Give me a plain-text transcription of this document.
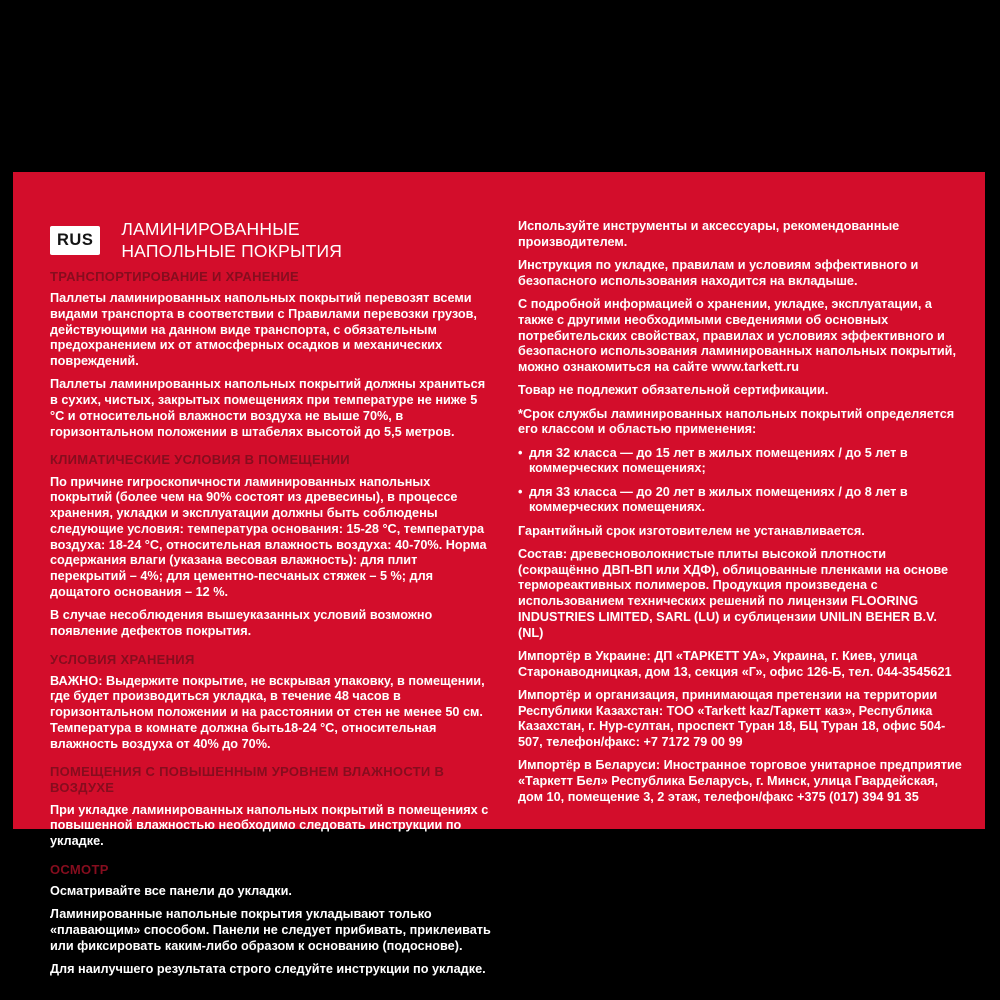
RUS
ЛАМИНИРОВАННЫЕ
НАПОЛЬНЫЕ ПОКРЫТИЯ
ТРАНСПОРТИРОВАНИЕ И ХРАНЕНИЕ

Паллеты ламинированных напольных покрытий перевозят всеми видами транспорта в соответствии с Правилами перевозки грузов, действующими на данном виде транспорта, с обязательным предохранением их от атмосферных осадков и механических повреждений.

Паллеты ламинированных напольных покрытий должны храниться в сухих, чистых, закрытых помещениях при температуре не ниже 5 °С и относительной влажности воздуха не выше 70%, в горизонтальном положении в штабелях высотой до 5,5 метров.

КЛИМАТИЧЕСКИЕ УСЛОВИЯ В ПОМЕЩЕНИИ

По причине гигроскопичности ламинированных напольных покрытий (более чем на 90% состоят из древесины), в процессе хранения, укладки и эксплуатации должны быть соблюдены следующие условия: температура основания: 15-28 °С, температура воздуха: 18-24 °С, относительная влажность воздуха: 40-70%. Норма содержания влаги (указана весовая влажность): для плит перекрытий – 4%; для цементно-песчаных стяжек – 5 %; для дощатого основания – 12 %.

В случае несоблюдения вышеуказанных условий возможно появление дефектов покрытия.

УСЛОВИЯ ХРАНЕНИЯ

ВАЖНО: Выдержите покрытие, не вскрывая упаковку, в помещении, где будет производиться укладка, в течение 48 часов в горизонтальном положении и на расстоянии от стен не менее 50 см. Температура в комнате должна быть18-24 °С, относительная влажность воздуха от 40% до 70%.

ПОМЕЩЕНИЯ С ПОВЫШЕННЫМ УРОВНЕМ ВЛАЖНОСТИ В ВОЗДУХЕ

При укладке ламинированных напольных покрытий в помещениях с повышенной влажностью необходимо следовать инструкции по укладке.

ОСМОТР

Осматривайте все панели до укладки.

Ламинированные напольные покрытия укладывают только «плавающим» способом. Панели не следует прибивать, приклеивать или фиксировать каким-либо образом к основанию (подоснове).

Для наилучшего результата строго следуйте инструкции по укладке.

Используйте инструменты и аксессуары, рекомендованные производителем.

Инструкция по укладке, правилам и условиям эффективного и безопасного использования находится на вкладыше.

С подробной информацией о хранении, укладке, эксплуатации, а также с другими необходимыми сведениями об основных потребительских свойствах, правилах и условиях эффективного и безопасного использования ламинированных напольных покрытий, можно ознакомиться на сайте www.tarkett.ru

Товар не подлежит обязательной сертификации.

*Срок службы ламинированных напольных покрытий определяется его классом и областью применения:

• для 32 класса — до 15 лет в жилых помещениях / до 5 лет в коммерческих помещениях;
• для 33 класса — до 20 лет в жилых помещениях / до 8 лет в коммерческих помещениях.

Гарантийный срок изготовителем не устанавливается.

Состав: древесноволокнистые плиты высокой плотности (сокращённо ДВП-ВП или ХДФ), облицованные пленками на основе термореактивных полимеров. Продукция произведена с использованием технических решений по лицензии FLOORING INDUSTRIES LIMITED, SARL (LU) и сублицензии UNILIN BEHER B.V. (NL)

Импортёр в Украине: ДП «ТАРКЕТТ УА», Украина, г. Киев, улица Старонаводницкая, дом 13, секция «Г», офис 126-Б, тел. 044-3545621

Импортёр и организация, принимающая претензии на территории Республики Казахстан: ТОО «Tarkett kaz/Таркетт каз», Республика Казахстан, г. Нур-султан, проспект Туран 18, БЦ Туран 18, офис 504-507, телефон/факс: +7 7172 79 00 99

Импортёр в Беларуси: Иностранное торговое унитарное предприятие «Таркетт Бел» Республика Беларусь, г. Минск, улица Гвардейская, дом 10, помещение 3, 2 этаж, телефон/факс +375 (017) 394 91 35
